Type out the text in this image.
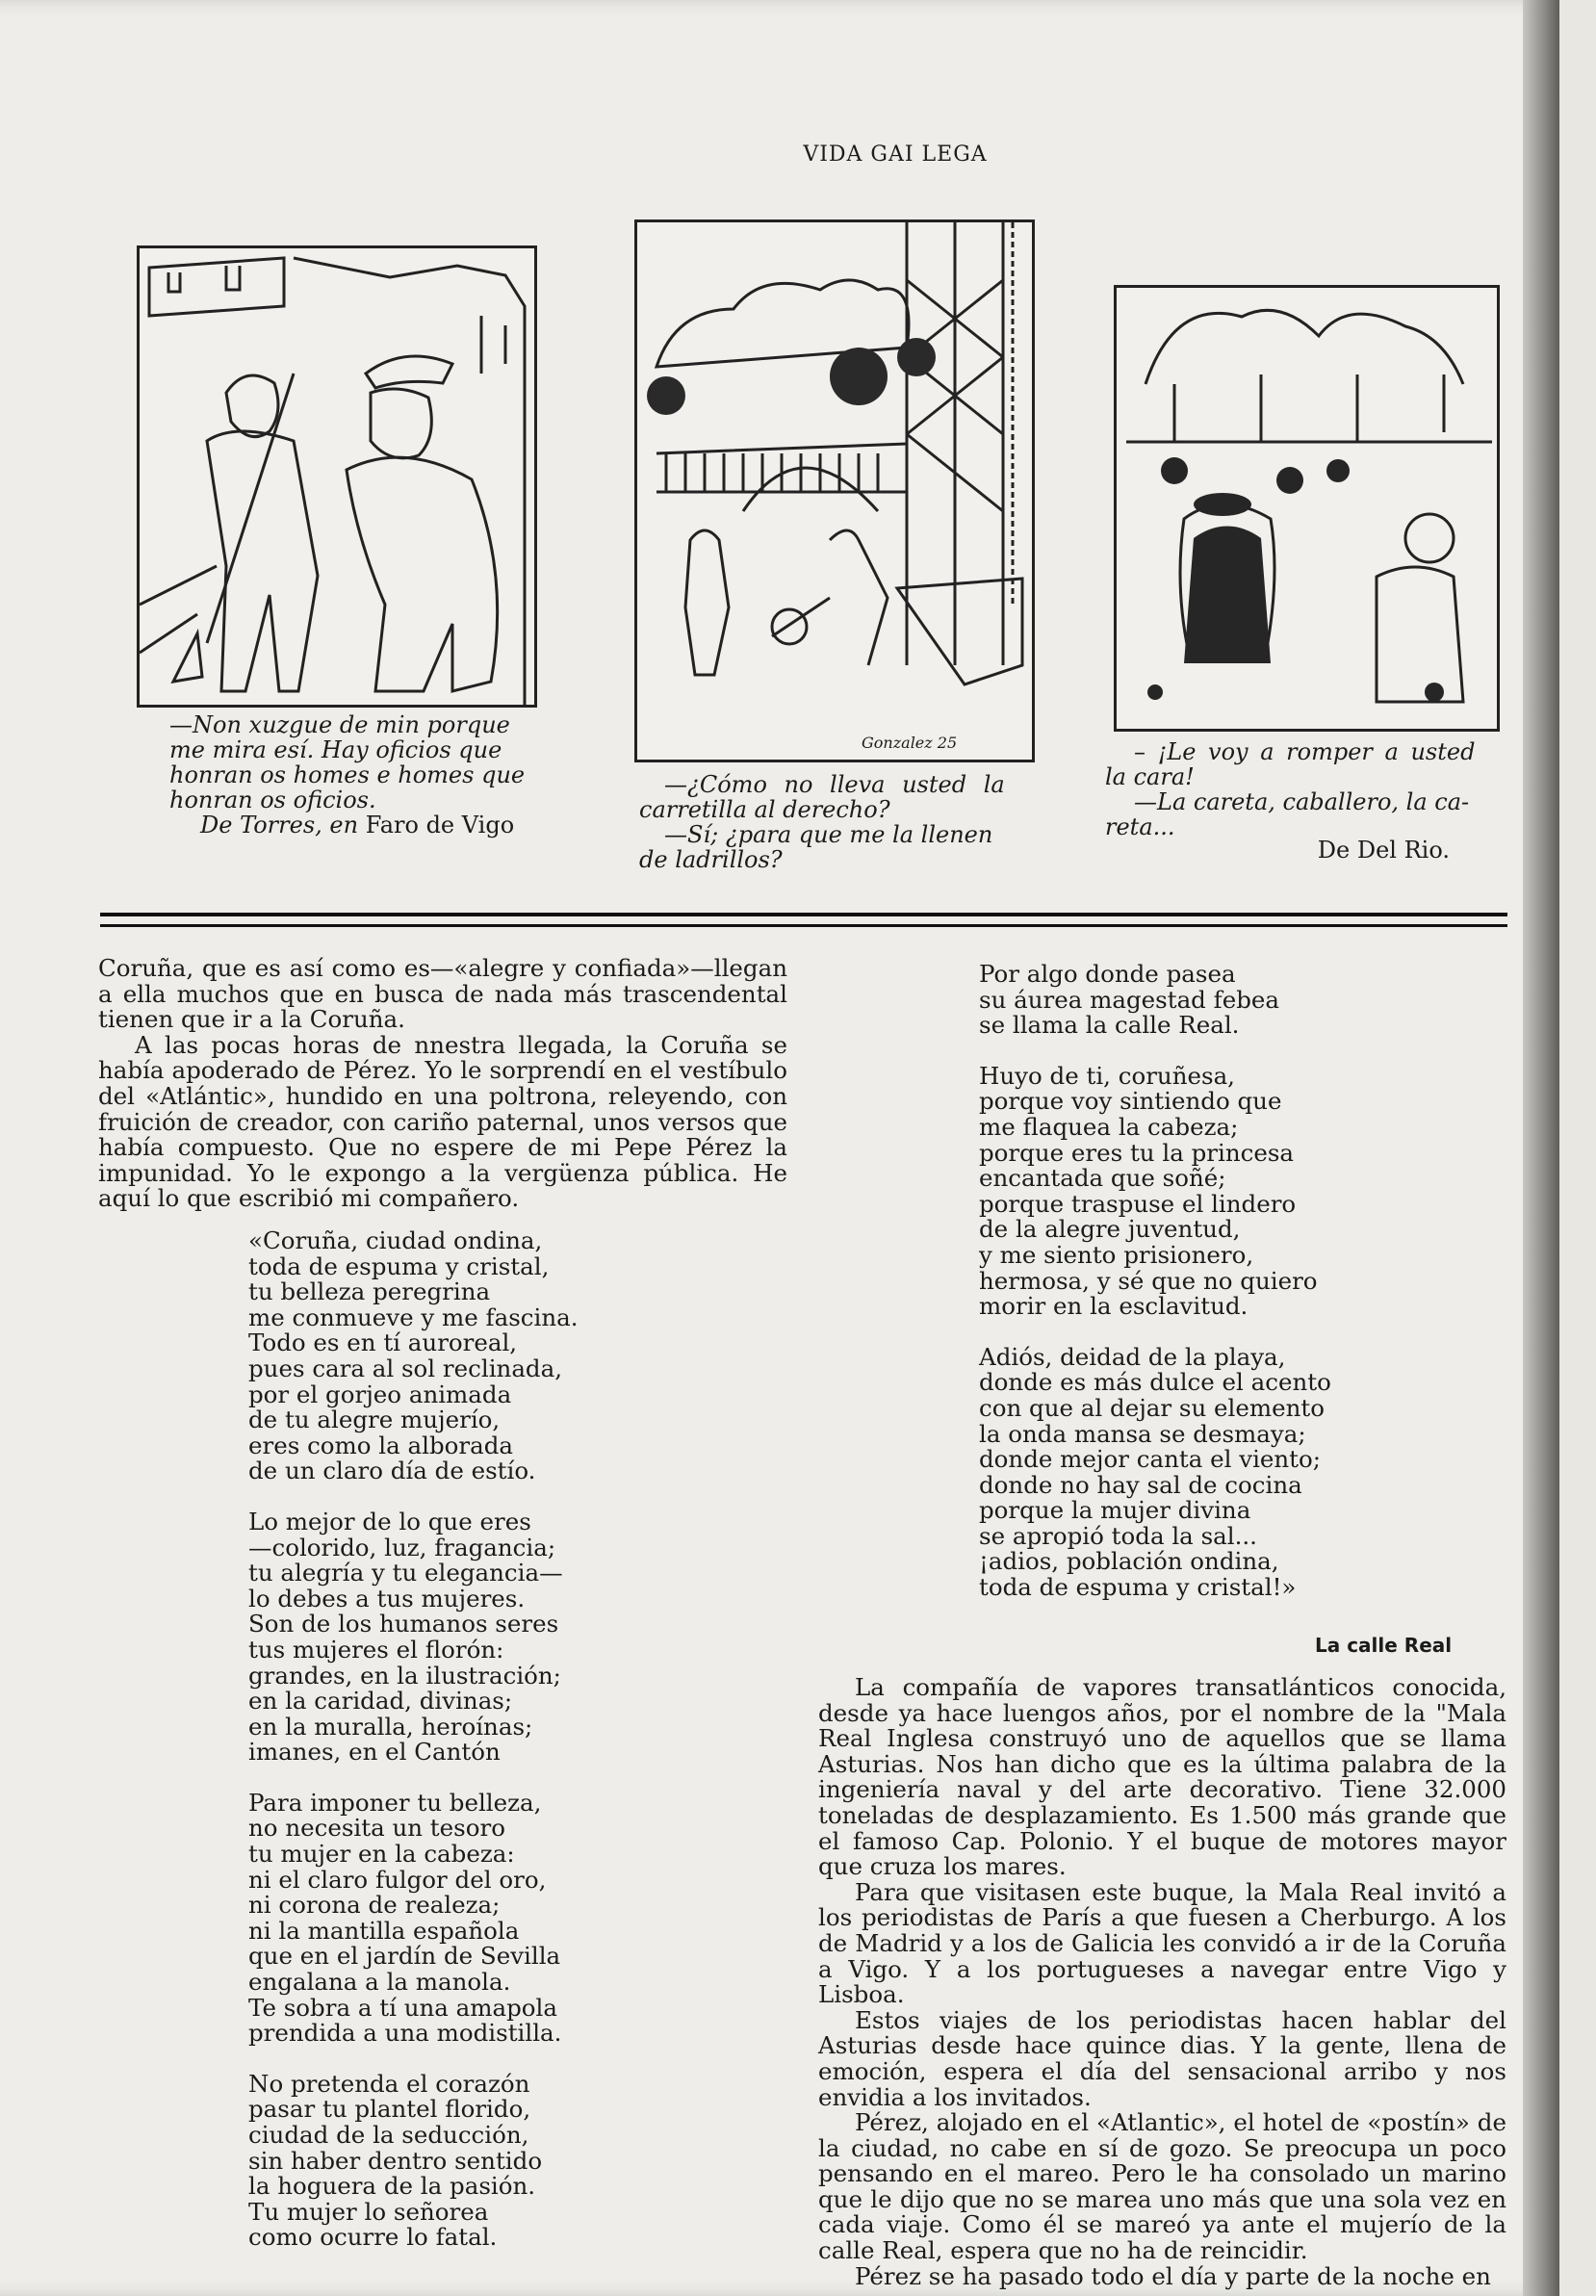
VIDA GAI LEGA

—Non xuzgue de min porque

me mira esí. Hay oficios que

honran os homes e homes que

honran os oficios.

De Torres, en Faro de Vigo

Gonzalez 25

—¿Cómo no lleva usted la

carretilla al derecho?

—Sí; ¿para que me la llenen

de ladrillos?

– ¡Le voy a romper a usted

la cara!

—La careta, caballero, la ca-

reta...

De Del Rio.

Coruña, que es así como es—«alegre y confiada»—llegan a ella muchos que en busca de nada más trascendental tienen que ir a la Coruña.

A las pocas horas de nnestra llegada, la Coruña se había apoderado de Pérez. Yo le sorprendí en el vestíbulo del «Atlántic», hundido en una poltrona, releyendo, con fruición de creador, con cariño paternal, unos versos que había compuesto. Que no espere de mi Pepe Pérez la impunidad. Yo le expongo a la vergüenza pública. He aquí lo que escribió mi compañero.

«Coruña, ciudad ondina,

toda de espuma y cristal,

tu belleza peregrina

me conmueve y me fascina.

Todo es en tí auroreal,

pues cara al sol reclinada,

por el gorjeo animada

de tu alegre mujerío,

eres como la alborada

de un claro día de estío.

Lo mejor de lo que eres

—colorido, luz, fragancia;

tu alegría y tu elegancia—

lo debes a tus mujeres.

Son de los humanos seres

tus mujeres el florón:

grandes, en la ilustración;

en la caridad, divinas;

en la muralla, heroínas;

imanes, en el Cantón

Para imponer tu belleza,

no necesita un tesoro

tu mujer en la cabeza:

ni el claro fulgor del oro,

ni corona de realeza;

ni la mantilla española

que en el jardín de Sevilla

engalana a la manola.

Te sobra a tí una amapola

prendida a una modistilla.

No pretenda el corazón

pasar tu plantel florido,

ciudad de la seducción,

sin haber dentro sentido

la hoguera de la pasión.

Tu mujer lo señorea

como ocurre lo fatal.

Por algo donde pasea

su áurea magestad febea

se llama la calle Real.

Huyo de ti, coruñesa,

porque voy sintiendo que

me flaquea la cabeza;

porque eres tu la princesa

encantada que soñé;

porque traspuse el lindero

de la alegre juventud,

y me siento prisionero,

hermosa, y sé que no quiero

morir en la esclavitud.

Adiós, deidad de la playa,

donde es más dulce el acento

con que al dejar su elemento

la onda mansa se desmaya;

donde mejor canta el viento;

donde no hay sal de cocina

porque la mujer divina

se apropió toda la sal...

¡adios, población ondina,

toda de espuma y cristal!»

La calle Real

La compañía de vapores transatlánticos conocida, desde ya hace luengos años, por el nombre de la "Mala Real Inglesa construyó uno de aquellos que se llama Asturias. Nos han dicho que es la última palabra de la ingeniería naval y del arte decorativo. Tiene 32.000 toneladas de desplazamiento. Es 1.500 más grande que el famoso Cap. Polonio. Y el buque de motores mayor que cruza los mares.

Para que visitasen este buque, la Mala Real invitó a los periodistas de París a que fuesen a Cherburgo. A los de Madrid y a los de Galicia les convidó a ir de la Coruña a Vigo. Y a los portugueses a navegar entre Vigo y Lisboa.

Estos viajes de los periodistas hacen hablar del Asturias desde hace quince dias. Y la gente, llena de emoción, espera el día del sensacional arribo y nos envidia a los invitados.

Pérez, alojado en el «Atlantic», el hotel de «postín» de la ciudad, no cabe en sí de gozo. Se preocupa un poco pensando en el mareo. Pero le ha consolado un marino que le dijo que no se marea uno más que una sola vez en cada viaje. Como él se mareó ya ante el mujerío de la calle Real, espera que no ha de reincidir.

Pérez se ha pasado todo el día y parte de la noche en
